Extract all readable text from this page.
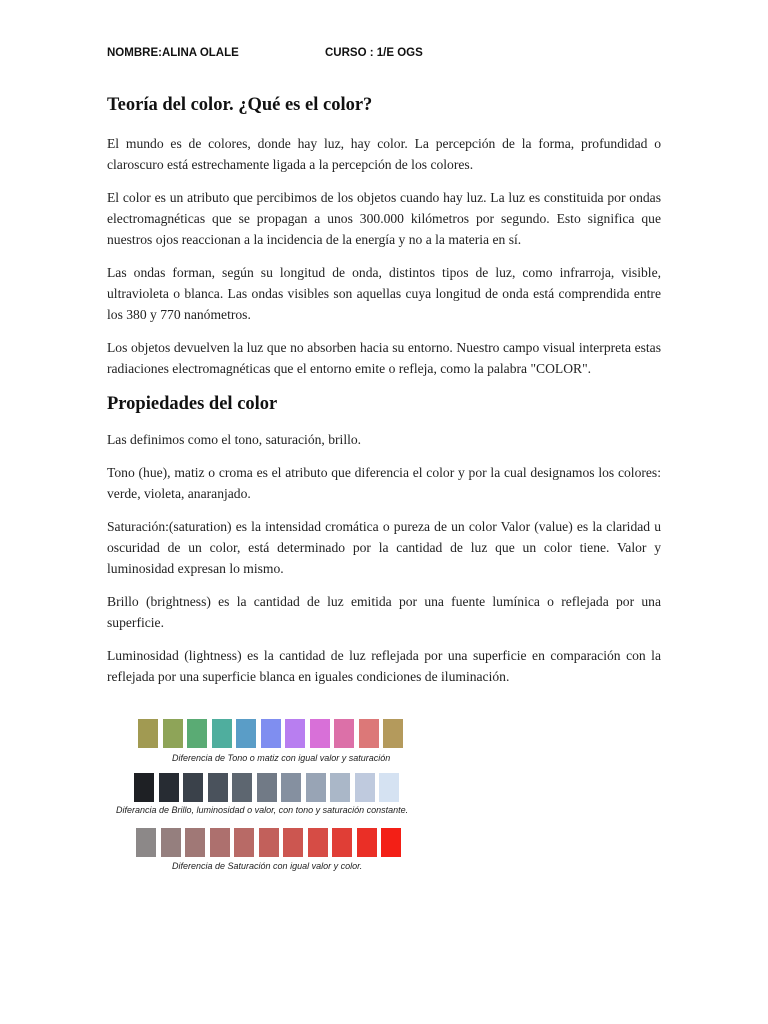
NOMBRE:ALINA OLALE	CURSO : 1/E OGS
Teoría del color. ¿Qué es el color?

El mundo es de colores, donde hay luz, hay color. La percepción de la forma, profundidad o claroscuro está estrechamente ligada a la percepción de los colores.

El color es un atributo que percibimos de los objetos cuando hay luz. La luz es constituida por ondas electromagnéticas que se propagan a unos 300.000 kilómetros por segundo. Esto significa que nuestros ojos reaccionan a la incidencia de la energía y no a la materia en sí.

Las ondas forman, según su longitud de onda, distintos tipos de luz, como infrarroja, visible, ultravioleta o blanca. Las ondas visibles son aquellas cuya longitud de onda está comprendida entre los 380 y 770 nanómetros.

Los objetos devuelven la luz que no absorben hacia su entorno. Nuestro campo visual interpreta estas radiaciones electromagnéticas que el entorno emite o refleja, como la palabra "COLOR".

Propiedades del color

Las definimos como el tono, saturación, brillo.

Tono (hue), matiz o croma es el atributo que diferencia el color y por la cual designamos los colores: verde, violeta, anaranjado.

Saturación:(saturation) es la intensidad cromática o pureza de un color Valor (value) es la claridad u oscuridad de un color, está determinado por la cantidad de luz que un color tiene. Valor y luminosidad expresan lo mismo.

Brillo (brightness) es la cantidad de luz emitida por una fuente lumínica o reflejada por una superficie.

Luminosidad (lightness) es la cantidad de luz reflejada por una superficie en comparación con la reflejada por una superficie blanca en iguales condiciones de iluminación.

Diferencia de Tono o matiz con igual valor y saturación
Diferancia de Brillo, luminosidad o valor, con tono y saturación constante.
Diferencia de Saturación con igual valor y color.
